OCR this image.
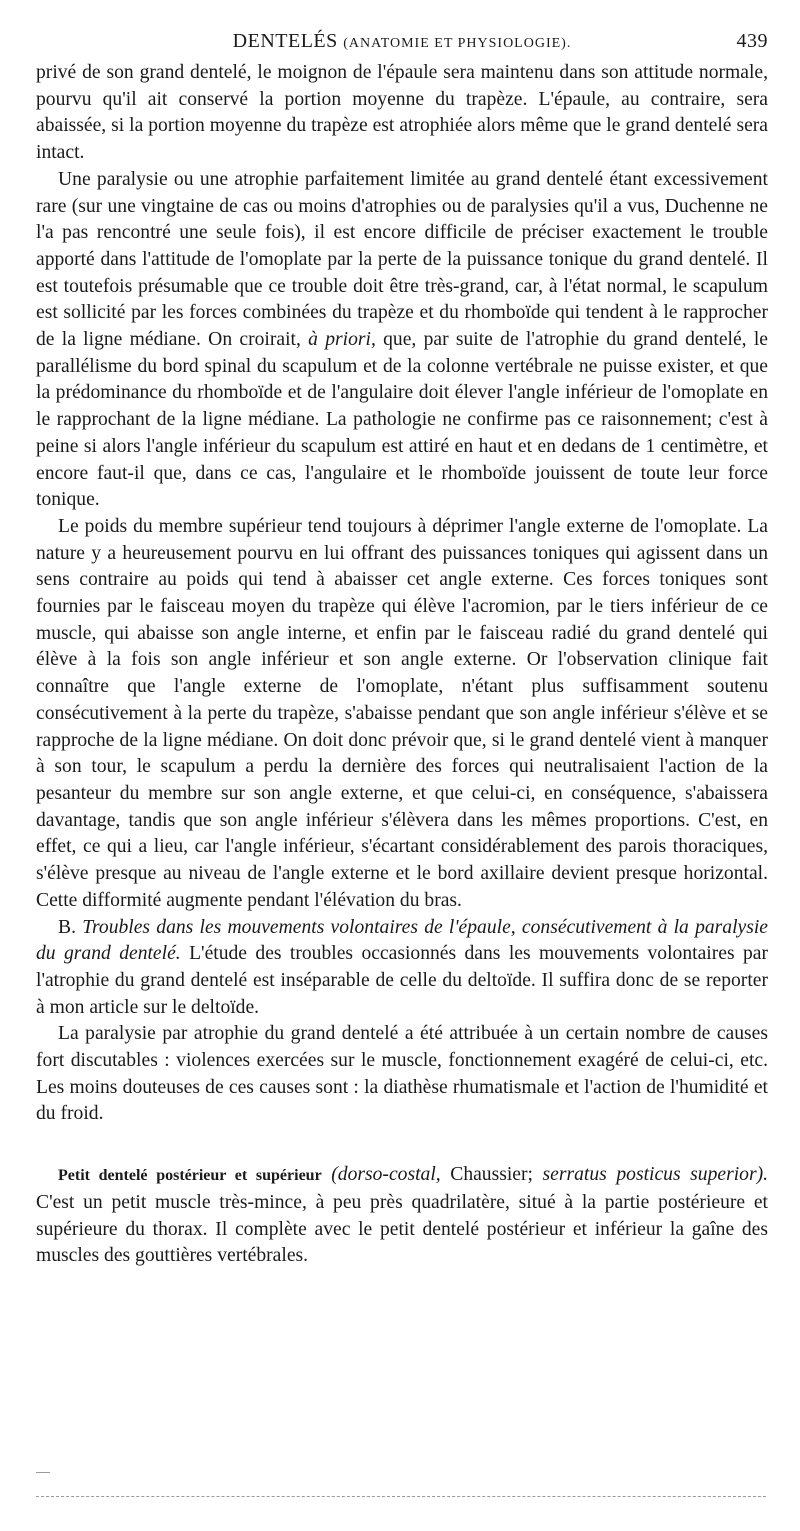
DENTELÉS (ANATOMIE ET PHYSIOLOGIE).	439

privé de son grand dentelé, le moignon de l'épaule sera maintenu dans son attitude normale, pourvu qu'il ait conservé la portion moyenne du trapèze. L'épaule, au contraire, sera abaissée, si la portion moyenne du trapèze est atrophiée alors même que le grand dentelé sera intact.

Une paralysie ou une atrophie parfaitement limitée au grand dentelé étant excessivement rare (sur une vingtaine de cas ou moins d'atrophies ou de paralysies qu'il a vus, Duchenne ne l'a pas rencontré une seule fois), il est encore difficile de préciser exactement le trouble apporté dans l'attitude de l'omoplate par la perte de la puissance tonique du grand dentelé. Il est toutefois présumable que ce trouble doit être très-grand, car, à l'état normal, le scapulum est sollicité par les forces combinées du trapèze et du rhomboïde qui tendent à le rapprocher de la ligne médiane. On croirait, à priori, que, par suite de l'atrophie du grand dentelé, le parallélisme du bord spinal du scapulum et de la colonne vertébrale ne puisse exister, et que la prédominance du rhomboïde et de l'angulaire doit élever l'angle inférieur de l'omoplate en le rapprochant de la ligne médiane. La pathologie ne confirme pas ce raisonnement; c'est à peine si alors l'angle inférieur du scapulum est attiré en haut et en dedans de 1 centimètre, et encore faut-il que, dans ce cas, l'angulaire et le rhomboïde jouissent de toute leur force tonique.

Le poids du membre supérieur tend toujours à déprimer l'angle externe de l'omoplate. La nature y a heureusement pourvu en lui offrant des puissances toniques qui agissent dans un sens contraire au poids qui tend à abaisser cet angle externe. Ces forces toniques sont fournies par le faisceau moyen du trapèze qui élève l'acromion, par le tiers inférieur de ce muscle, qui abaisse son angle interne, et enfin par le faisceau radié du grand dentelé qui élève à la fois son angle inférieur et son angle externe. Or l'observation clinique fait connaître que l'angle externe de l'omoplate, n'étant plus suffisamment soutenu consécutivement à la perte du trapèze, s'abaisse pendant que son angle inférieur s'élève et se rapproche de la ligne médiane. On doit donc prévoir que, si le grand dentelé vient à manquer à son tour, le scapulum a perdu la dernière des forces qui neutralisaient l'action de la pesanteur du membre sur son angle externe, et que celui-ci, en conséquence, s'abaissera davantage, tandis que son angle inférieur s'élèvera dans les mêmes proportions. C'est, en effet, ce qui a lieu, car l'angle inférieur, s'écartant considérablement des parois thoraciques, s'élève presque au niveau de l'angle externe et le bord axillaire devient presque horizontal. Cette difformité augmente pendant l'élévation du bras.

B. Troubles dans les mouvements volontaires de l'épaule, consécutivement à la paralysie du grand dentelé. L'étude des troubles occasionnés dans les mouvements volontaires par l'atrophie du grand dentelé est inséparable de celle du deltoïde. Il suffira donc de se reporter à mon article sur le deltoïde.

La paralysie par atrophie du grand dentelé a été attribuée à un certain nombre de causes fort discutables : violences exercées sur le muscle, fonctionnement exagéré de celui-ci, etc. Les moins douteuses de ces causes sont : la diathèse rhumatismale et l'action de l'humidité et du froid.

Petit dentelé postérieur et supérieur (dorso-costal, Chaussier; serratus posticus superior). C'est un petit muscle très-mince, à peu près quadrilatère, situé à la partie postérieure et supérieure du thorax. Il complète avec le petit dentelé postérieur et inférieur la gaîne des muscles des gouttières vertébrales.
